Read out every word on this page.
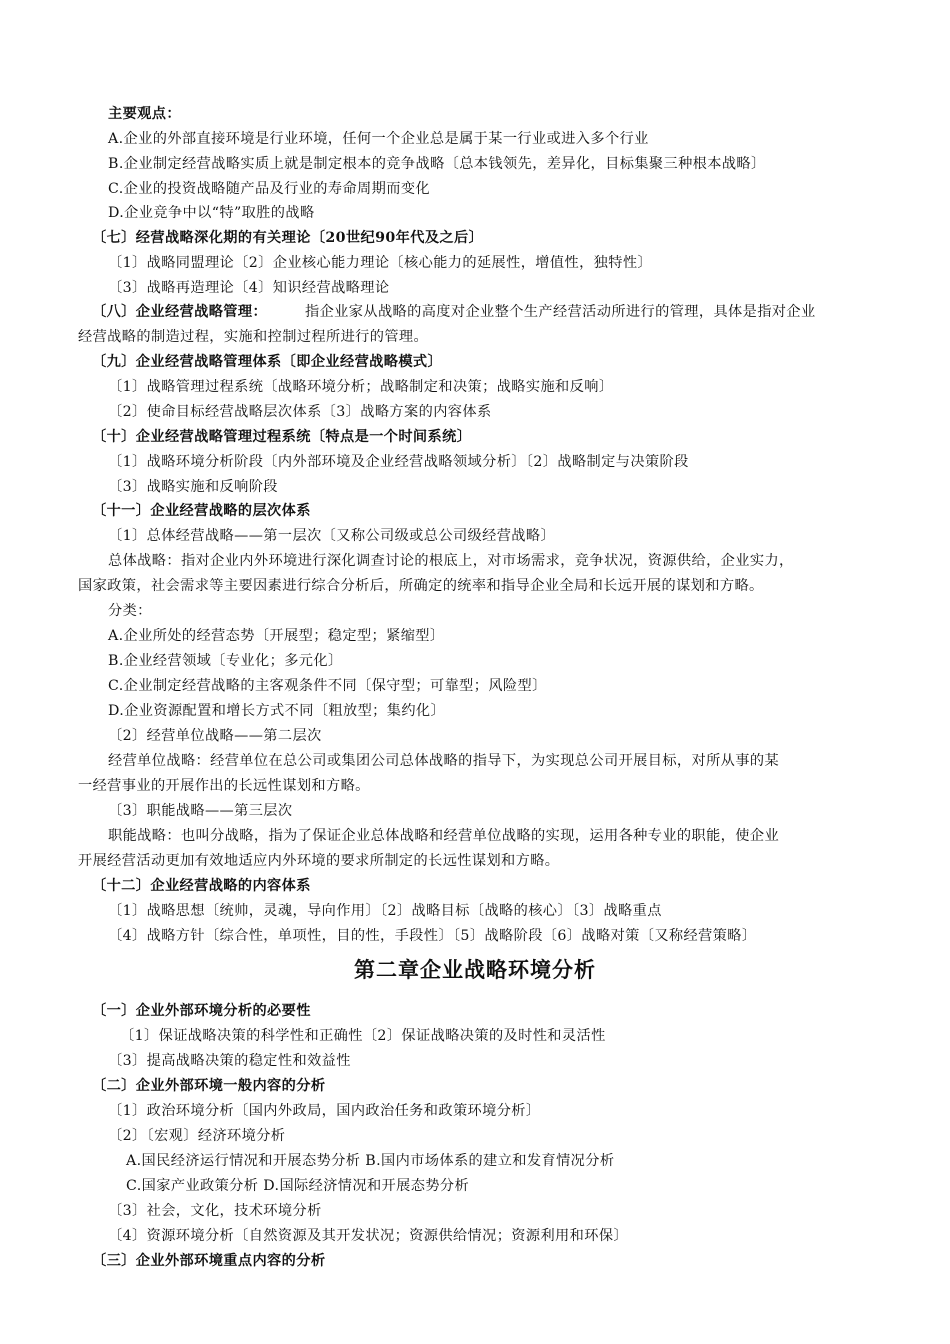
第二章企业战略环境分析

主要观点：

A.企业的外部直接环境是行业环境，任何一个企业总是属于某一行业或进入多个行业

B.企业制定经营战略实质上就是制定根本的竞争战略〔总本钱领先，差异化，目标集聚三种根本战略〕

C.企业的投资战略随产品及行业的寿命周期而变化

D.企业竞争中以“特”取胜的战略

〔七〕经营战略深化期的有关理论〔20世纪90年代及之后〕

〔1〕战略同盟理论〔2〕企业核心能力理论〔核心能力的延展性，增值性，独特性〕

〔3〕战略再造理论〔4〕知识经营战略理论

〔八〕企业经营战略管理：	指企业家从战略的高度对企业整个生产经营活动所进行的管理，具体是指对企业

经营战略的制造过程，实施和控制过程所进行的管理。

〔九〕企业经营战略管理体系〔即企业经营战略模式〕

〔1〕战略管理过程系统〔战略环境分析；战略制定和决策；战略实施和反响〕

〔2〕使命目标经营战略层次体系〔3〕战略方案的内容体系

〔十〕企业经营战略管理过程系统〔特点是一个时间系统〕

〔1〕战略环境分析阶段〔内外部环境及企业经营战略领域分析〕〔2〕战略制定与决策阶段

〔3〕战略实施和反响阶段

〔十一〕企业经营战略的层次体系

〔1〕总体经营战略——第一层次〔又称公司级或总公司级经营战略〕

总体战略：指对企业内外环境进行深化调查讨论的根底上，对市场需求，竞争状况，资源供给，企业实力，

国家政策，社会需求等主要因素进行综合分析后，所确定的统率和指导企业全局和长远开展的谋划和方略。

分类：

A.企业所处的经营态势〔开展型；稳定型；紧缩型〕

B.企业经营领域〔专业化；多元化〕

C.企业制定经营战略的主客观条件不同〔保守型；可靠型；风险型〕

D.企业资源配置和增长方式不同〔粗放型；集约化〕

〔2〕经营单位战略——第二层次

经营单位战略：经营单位在总公司或集团公司总体战略的指导下，为实现总公司开展目标，对所从事的某

一经营事业的开展作出的长远性谋划和方略。

〔3〕职能战略——第三层次

职能战略：也叫分战略，指为了保证企业总体战略和经营单位战略的实现，运用各种专业的职能，使企业

开展经营活动更加有效地适应内外环境的要求所制定的长远性谋划和方略。

〔十二〕企业经营战略的内容体系

〔1〕战略思想〔统帅，灵魂，导向作用〕〔2〕战略目标〔战略的核心〕〔3〕战略重点

〔4〕战略方针〔综合性，单项性，目的性，手段性〕〔5〕战略阶段〔6〕战略对策〔又称经营策略〕

〔一〕企业外部环境分析的必要性

〔1〕保证战略决策的科学性和正确性〔2〕保证战略决策的及时性和灵活性

〔3〕提高战略决策的稳定性和效益性

〔二〕企业外部环境一般内容的分析

〔1〕政治环境分析〔国内外政局，国内政治任务和政策环境分析〕

〔2〕〔宏观〕经济环境分析

A.国民经济运行情况和开展态势分析 B.国内市场体系的建立和发育情况分析

C.国家产业政策分析 D.国际经济情况和开展态势分析

〔3〕社会，文化，技术环境分析

〔4〕资源环境分析〔自然资源及其开发状况；资源供给情况；资源利用和环保〕

〔三〕企业外部环境重点内容的分析
